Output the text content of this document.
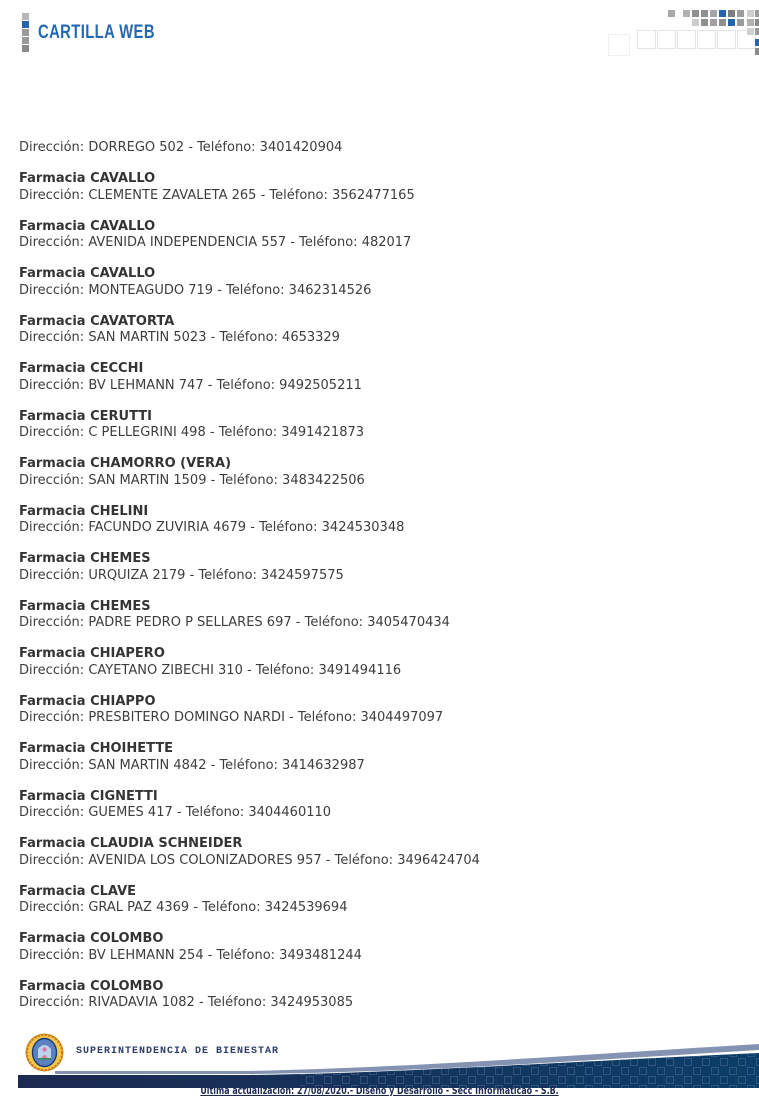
CARTILLA WEB
Dirección: DORREGO 502 - Teléfono: 3401420904
Farmacia CAVALLO
Dirección: CLEMENTE ZAVALETA 265 - Teléfono: 3562477165
Farmacia CAVALLO
Dirección: AVENIDA INDEPENDENCIA 557 - Teléfono: 482017
Farmacia CAVALLO
Dirección: MONTEAGUDO 719 - Teléfono: 3462314526
Farmacia CAVATORTA
Dirección: SAN MARTIN 5023 - Teléfono: 4653329
Farmacia CECCHI
Dirección: BV LEHMANN 747 - Teléfono: 9492505211
Farmacia CERUTTI
Dirección: C PELLEGRINI 498 - Teléfono: 3491421873
Farmacia CHAMORRO (VERA)
Dirección: SAN MARTIN 1509 - Teléfono: 3483422506
Farmacia CHELINI
Dirección: FACUNDO ZUVIRIA 4679 - Teléfono: 3424530348
Farmacia CHEMES
Dirección: URQUIZA 2179 - Teléfono: 3424597575
Farmacia CHEMES
Dirección: PADRE PEDRO P SELLARES 697 - Teléfono: 3405470434
Farmacia CHIAPERO
Dirección: CAYETANO ZIBECHI 310 - Teléfono: 3491494116
Farmacia CHIAPPO
Dirección: PRESBITERO DOMINGO NARDI - Teléfono: 3404497097
Farmacia CHOIHETTE
Dirección: SAN MARTIN 4842 - Teléfono: 3414632987
Farmacia CIGNETTI
Dirección: GUEMES 417 - Teléfono: 3404460110
Farmacia CLAUDIA SCHNEIDER
Dirección: AVENIDA LOS COLONIZADORES 957 - Teléfono: 3496424704
Farmacia CLAVE
Dirección: GRAL PAZ 4369 - Teléfono: 3424539694
Farmacia COLOMBO
Dirección: BV LEHMANN 254 - Teléfono: 3493481244
Farmacia COLOMBO
Dirección: RIVADAVIA 1082 - Teléfono: 3424953085
SUPERINTENDENCIA DE BIENESTAR
Última actualización: 27/08/2020.- Diseño y Desarrollo - Secc Informáticao - S.B.
